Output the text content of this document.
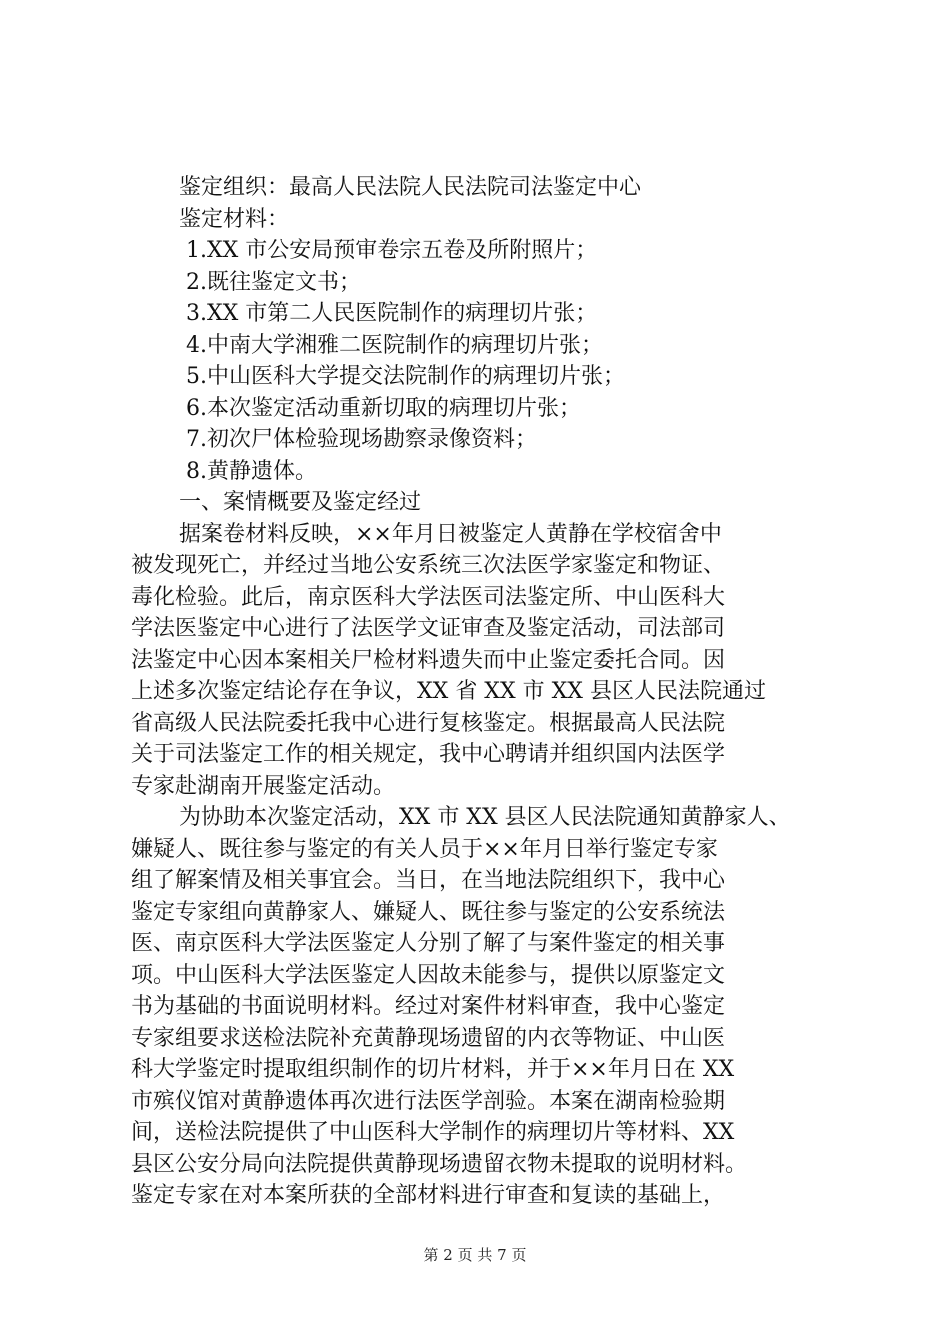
鉴定组织：最高人民法院人民法院司法鉴定中心
鉴定材料：
1.XX 市公安局预审卷宗五卷及所附照片；
2.既往鉴定文书；
3.XX 市第二人民医院制作的病理切片张；
4.中南大学湘雅二医院制作的病理切片张；
5.中山医科大学提交法院制作的病理切片张；
6.本次鉴定活动重新切取的病理切片张；
7.初次尸体检验现场勘察录像资料；
8.黄静遗体。
一、案情概要及鉴定经过
据案卷材料反映，××年月日被鉴定人黄静在学校宿舍中
被发现死亡，并经过当地公安系统三次法医学家鉴定和物证、
毒化检验。此后，南京医科大学法医司法鉴定所、中山医科大
学法医鉴定中心进行了法医学文证审查及鉴定活动，司法部司
法鉴定中心因本案相关尸检材料遗失而中止鉴定委托合同。因
上述多次鉴定结论存在争议，XX 省 XX 市 XX 县区人民法院通过
省高级人民法院委托我中心进行复核鉴定。根据最高人民法院
关于司法鉴定工作的相关规定，我中心聘请并组织国内法医学
专家赴湖南开展鉴定活动。
为协助本次鉴定活动，XX 市 XX 县区人民法院通知黄静家人、
嫌疑人、既往参与鉴定的有关人员于××年月日举行鉴定专家
组了解案情及相关事宜会。当日，在当地法院组织下，我中心
鉴定专家组向黄静家人、嫌疑人、既往参与鉴定的公安系统法
医、南京医科大学法医鉴定人分别了解了与案件鉴定的相关事
项。中山医科大学法医鉴定人因故未能参与，提供以原鉴定文
书为基础的书面说明材料。经过对案件材料审查，我中心鉴定
专家组要求送检法院补充黄静现场遗留的内衣等物证、中山医
科大学鉴定时提取组织制作的切片材料，并于××年月日在 XX
市殡仪馆对黄静遗体再次进行法医学剖验。本案在湖南检验期
间，送检法院提供了中山医科大学制作的病理切片等材料、XX
县区公安分局向法院提供黄静现场遗留衣物未提取的说明材料。
鉴定专家在对本案所获的全部材料进行审查和复读的基础上，
第 2 页 共 7 页
